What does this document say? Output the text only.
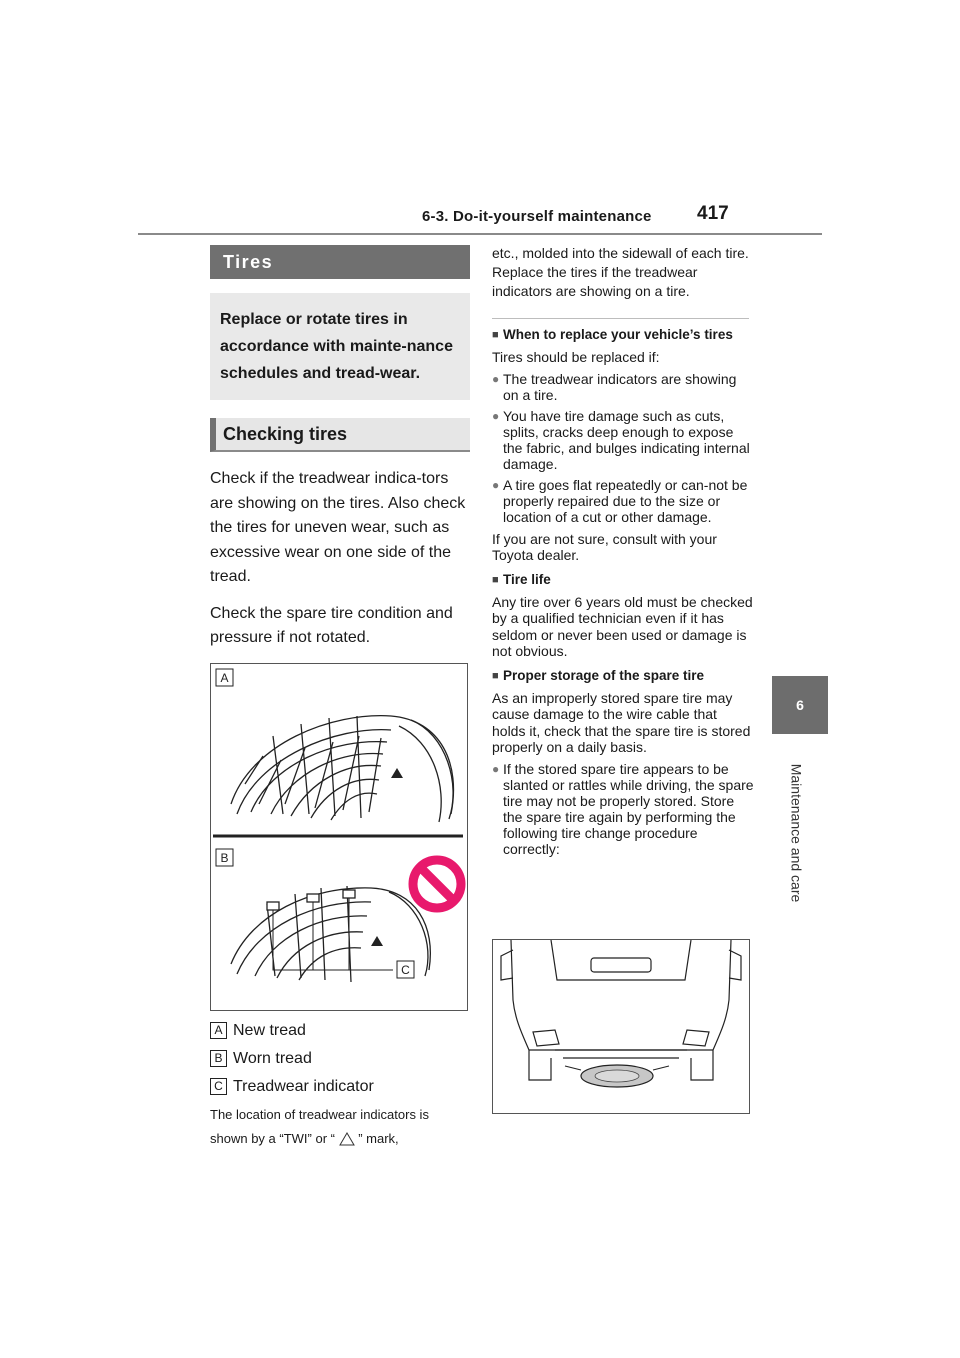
6-3. Do-it-yourself maintenance 417
6
Maintenance and care
Tires
Replace or rotate tires in accordance with mainte-nance schedules and tread-wear.
Checking tires

Check if the treadwear indica-tors are showing on the tires. Also check the tires for uneven wear, such as excessive wear on one side of the tread.

Check the spare tire condition and pressure if not rotated.

A
B
C
A New tread
B Worn tread
C Treadwear indicator

The location of treadwear indicators is shown by a “TWI” or “ ” mark,

etc., molded into the sidewall of each tire.

Replace the tires if the treadwear indicators are showing on a tire.

■ When to replace your vehicle’s tires

Tires should be replaced if:

● The treadwear indicators are showing on a tire.
● You have tire damage such as cuts, splits, cracks deep enough to expose the fabric, and bulges indicating internal damage.
● A tire goes flat repeatedly or can-not be properly repaired due to the size or location of a cut or other damage.

If you are not sure, consult with your Toyota dealer.

■ Tire life

Any tire over 6 years old must be checked by a qualified technician even if it has seldom or never been used or damage is not obvious.

■ Proper storage of the spare tire

As an improperly stored spare tire may cause damage to the wire cable that holds it, check that the spare tire is stored properly on a daily basis.

● If the stored spare tire appears to be slanted or rattles while driving, the spare tire may not be properly stored. Store the spare tire again by performing the following tire change procedure correctly:
